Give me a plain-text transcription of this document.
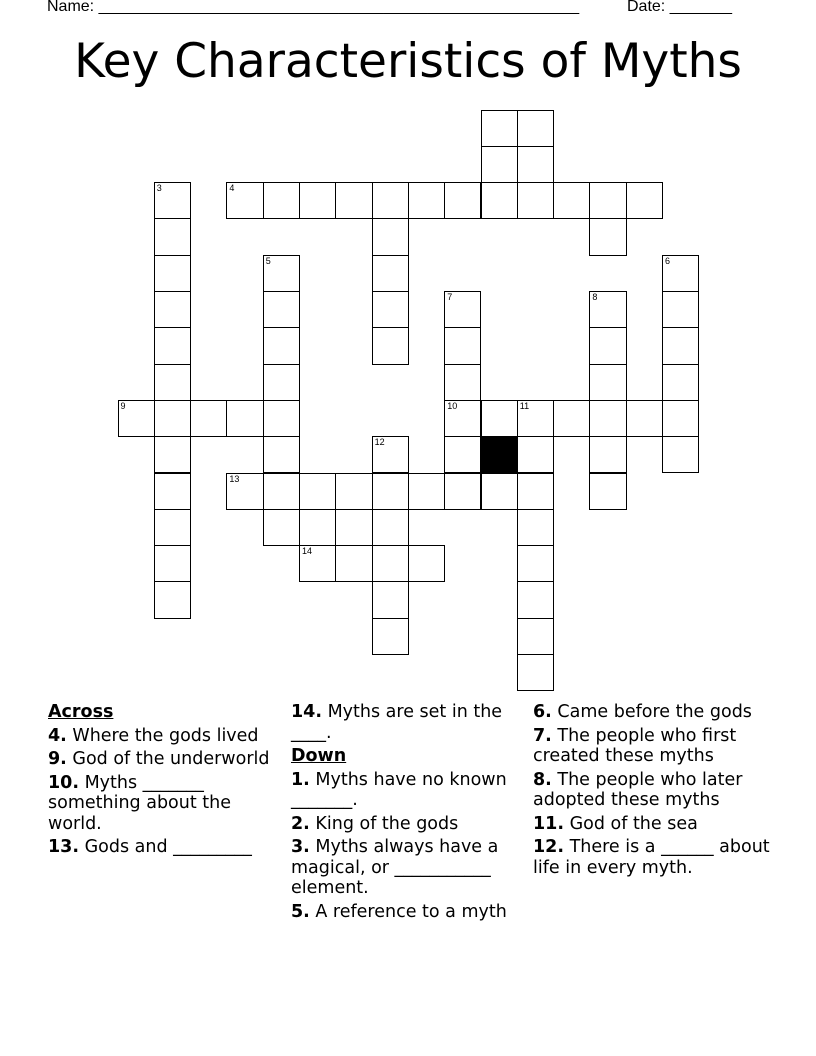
Name: ______________________________________________________	Date: _______
Key Characteristics of Myths
3	4
5	6
7	8
9	10	11
12
13
14
Across
4. Where the gods lived
9. God of the underworld
10. Myths _______ something about the world.
13. Gods and _________
14. Myths are set in the ____.
Down
1. Myths have no known _______.
2. King of the gods
3. Myths always have a magical, or ___________ element.
5. A reference to a myth
6. Came before the gods
7. The people who first created these myths
8. The people who later adopted these myths
11. God of the sea
12. There is a ______ about life in every myth.
